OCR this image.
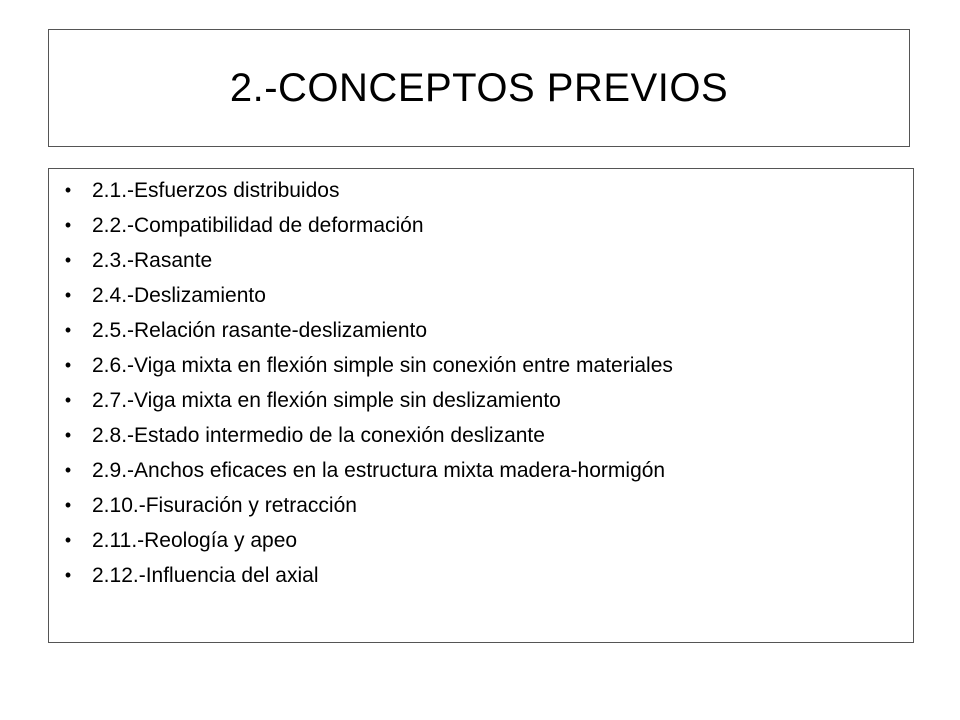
2.-CONCEPTOS PREVIOS
• 2.1.-Esfuerzos distribuidos
• 2.2.-Compatibilidad de deformación
• 2.3.-Rasante
• 2.4.-Deslizamiento
• 2.5.-Relación rasante-deslizamiento
• 2.6.-Viga mixta en flexión simple sin conexión entre materiales
• 2.7.-Viga mixta en flexión simple sin deslizamiento
• 2.8.-Estado intermedio de la conexión deslizante
• 2.9.-Anchos eficaces en la estructura mixta madera-hormigón
• 2.10.-Fisuración y retracción
• 2.11.-Reología y apeo
• 2.12.-Influencia del axial
